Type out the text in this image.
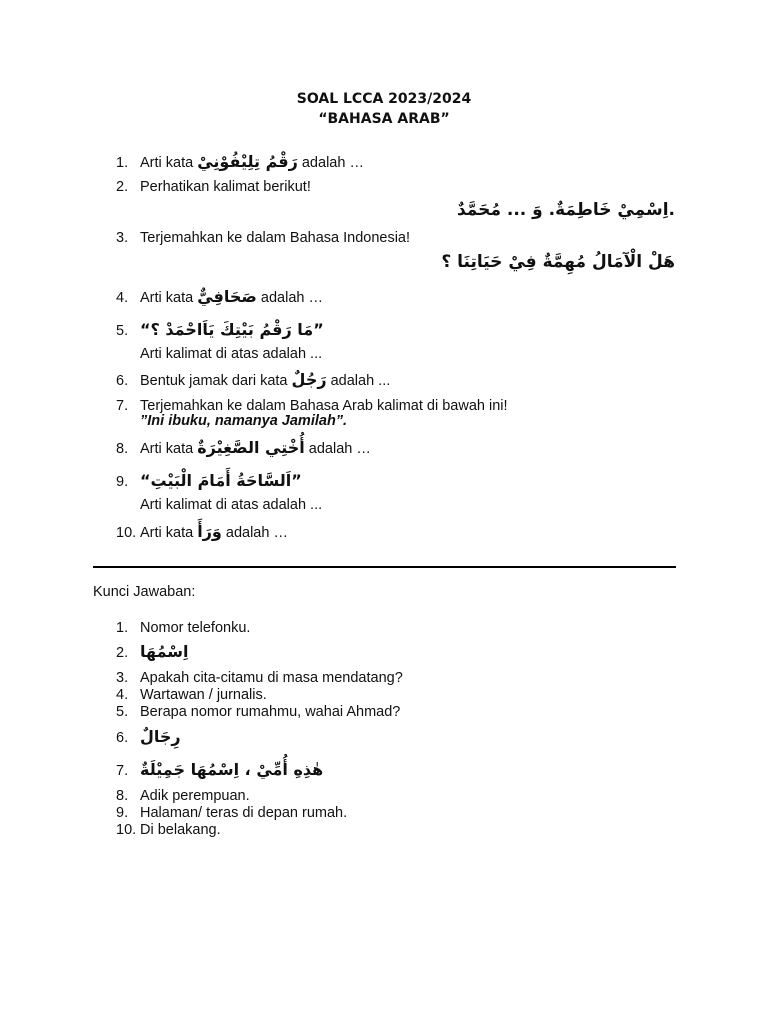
SOAL LCCA 2023/2024
“BAHASA ARAB”
1. Arti kata رَقْمُ تِلِيْفُوْنِيْ adalah …
2. Perhatikan kalimat berikut!
.اِسْمِيْ خَاطِمَةٌ. وَ ... مُحَمَّدٌ
3. Terjemahkan ke dalam Bahasa Indonesia!
هَلْ الْآمَالُ مُهِمَّةٌ فِيْ حَيَاتِنَا ؟
4. Arti kata صَحَافِيٌّ adalah …
5. ”مَا رَقْمُ بَيْتِكَ يَاَاحْمَدْ ؟“
Arti kalimat di atas adalah ...
6. Bentuk jamak dari kata رَجُلٌ adalah ...
7. Terjemahkan ke dalam Bahasa Arab kalimat di bawah ini!
”Ini ibuku, namanya Jamilah”.
8. Arti kata أُخْتِي الصَّغِيْرَةٌ adalah …
9. ”اَلسَّاحَةُ أَمَامَ الْبَيْتِ“
Arti kalimat di atas adalah ...
10. Arti kata وَرَأَ adalah …
Kunci Jawaban:
1. Nomor telefonku.
2. اِسْمُهَا
3. Apakah cita-citamu di masa mendatang?
4. Wartawan / jurnalis.
5. Berapa nomor rumahmu, wahai Ahmad?
6. رِجَالٌ
7. هٰذِهِ أُمِّيْ ، اِسْمُهَا جَمِيْلَةٌ
8. Adik perempuan.
9. Halaman/ teras di depan rumah.
10. Di belakang.
